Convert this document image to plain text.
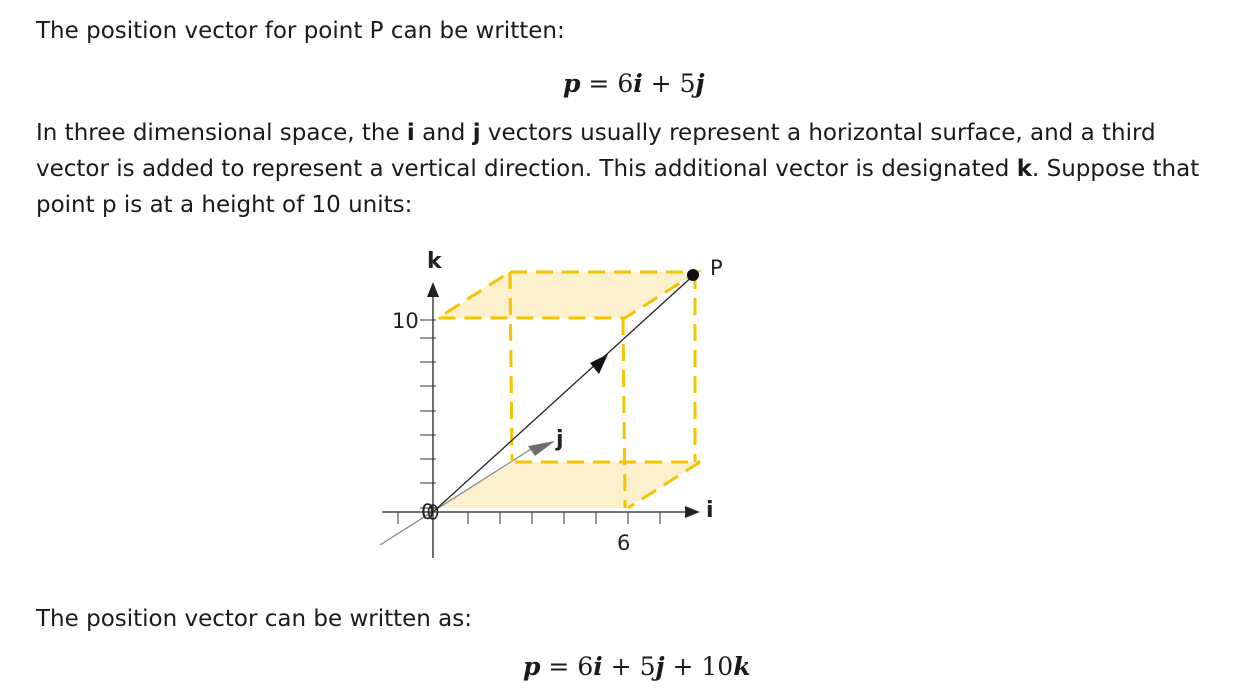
The position vector for point P can be written:

p = 6i + 5j

In three dimensional space, the i and j vectors usually represent a horizontal surface, and a third vector is added to represent a vertical direction. This additional vector is designated k. Suppose that point p is at a height of 10 units:

0
k
j
i
P
10
6

The position vector can be written as:

p = 6i + 5j + 10k
